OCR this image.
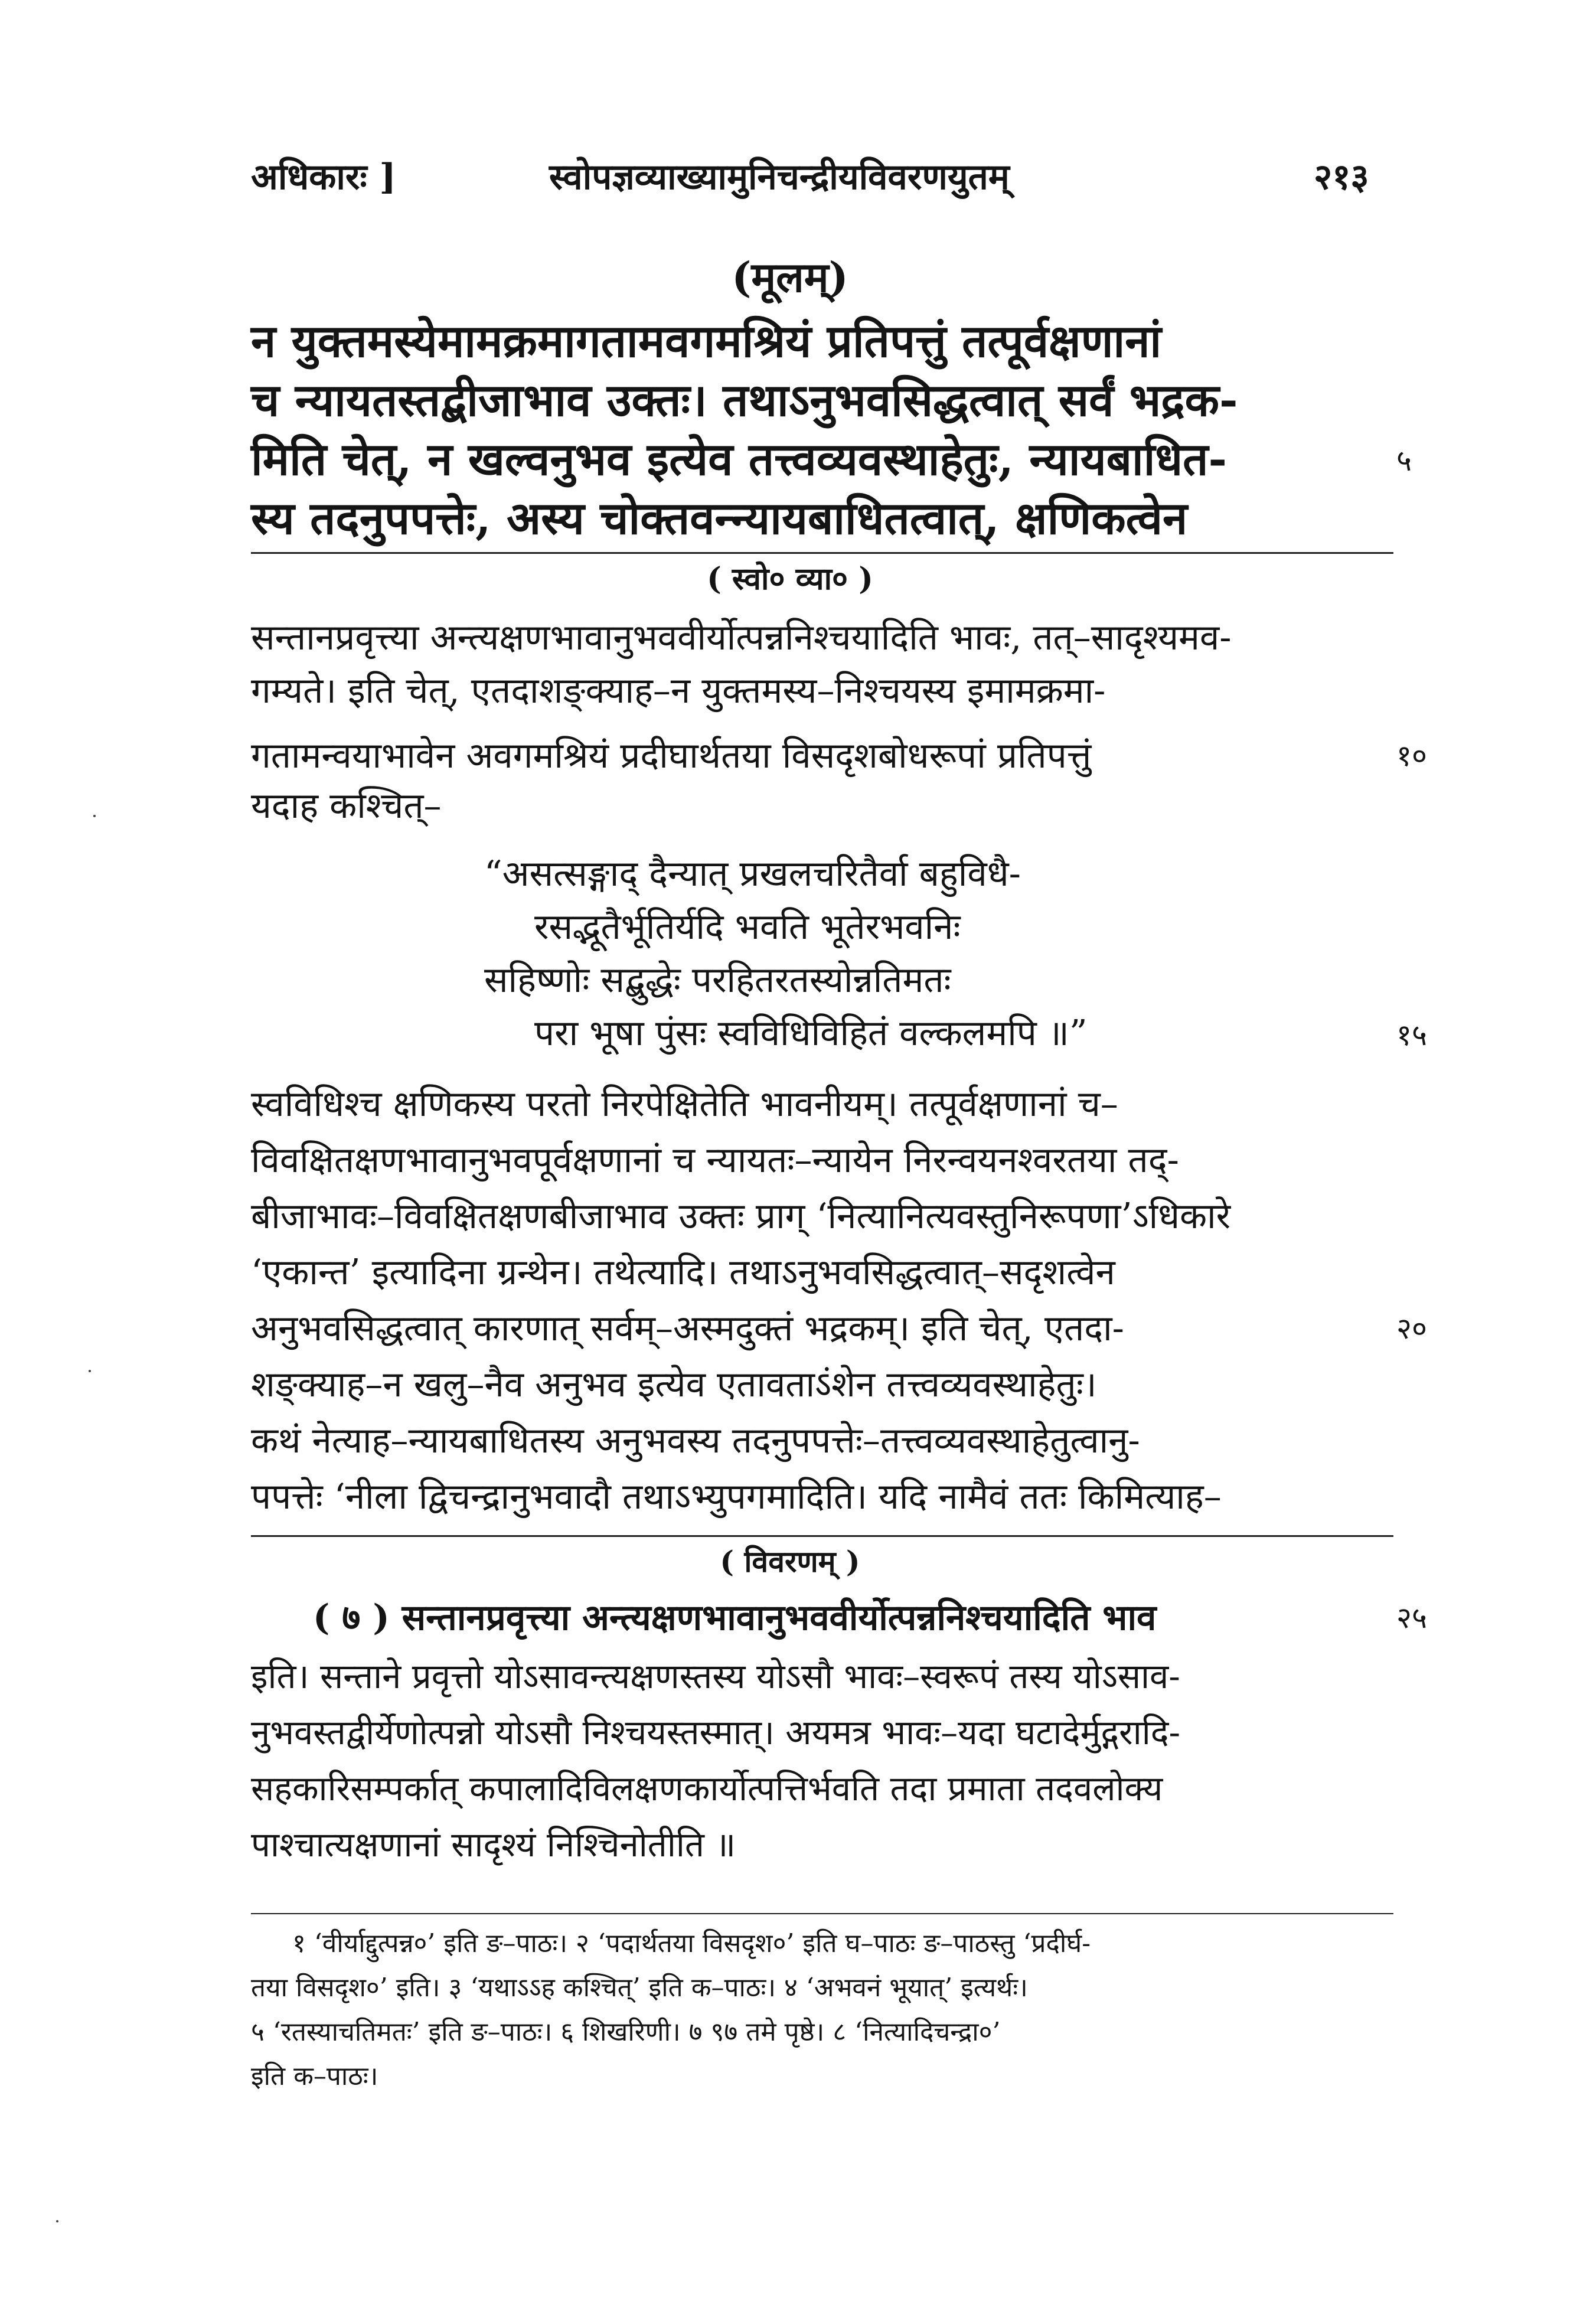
अधिकारः ]	स्वोपज्ञव्याख्यामुनिचन्द्रीयविवरणयुतम्	२१३
(मूलम्)
न युक्तमस्येमामक्रमागतामवगमश्रियं प्रतिपत्तुं तत्पूर्वक्षणानां
च न्यायतस्तद्बीजाभाव उक्तः। तथाऽनुभवसिद्धत्वात् सर्वं भद्रक-
मिति चेत्, न खल्वनुभव इत्येव तत्त्वव्यवस्थाहेतुः, न्यायबाधित-
स्य तदनुपपत्तेः, अस्य चोक्तवन्न्यायबाधितत्वात्, क्षणिकत्वेन
५
( स्वो० व्या० )
सन्तानप्रवृत्त्या अन्त्यक्षणभावानुभववीर्योत्पन्ननिश्चयादिति भावः, तत्–सादृश्यमव-
गम्यते। इति चेत्, एतदाशङ्क्याह–न युक्तमस्य–निश्चयस्य इमामक्रमा-
गतामन्वयाभावेन अवगमश्रियं प्रदीघार्थतया विसदृशबोधरूपां प्रतिपत्तुं	१०
यदाह कश्चित्–
“असत्सङ्गाद् दैन्यात् प्रखलचरितैर्वा बहुविधै-
रसद्भूतैर्भूतिर्यदि भवति भूतेरभवनिः
सहिष्णोः सद्बुद्धेः परहितरतस्योन्नतिमतः
परा भूषा पुंसः स्वविधिविहितं वल्कलमपि ॥”	१५
स्वविधिश्च क्षणिकस्य परतो निरपेक्षितेति भावनीयम्। तत्पूर्वक्षणानां च–
विवक्षितक्षणभावानुभवपूर्वक्षणानां च न्यायतः–न्यायेन निरन्वयनश्वरतया तद्-
बीजाभावः–विवक्षितक्षणबीजाभाव उक्तः प्राग् ‘नित्यानित्यवस्तुनिरूपणा’ऽधिकारे
‘एकान्त’ इत्यादिना ग्रन्थेन। तथेत्यादि। तथाऽनुभवसिद्धत्वात्–सदृशत्वेन
अनुभवसिद्धत्वात् कारणात् सर्वम्–अस्मदुक्तं भद्रकम्। इति चेत्, एतदा-	२०
शङ्क्याह–न खलु–नैव अनुभव इत्येव एतावताऽंशेन तत्त्वव्यवस्थाहेतुः।
कथं नेत्याह–न्यायबाधितस्य अनुभवस्य तदनुपपत्तेः–तत्त्वव्यवस्थाहेतुत्वानु-
पपत्तेः ‘नीला द्विचन्द्रानुभवादौ तथाऽभ्युपगमादिति। यदि नामैवं ततः किमित्याह–
( विवरणम् )
( ७ ) सन्तानप्रवृत्त्या अन्त्यक्षणभावानुभववीर्योत्पन्ननिश्चयादिति भाव	२५
इति। सन्ताने प्रवृत्तो योऽसावन्त्यक्षणस्तस्य योऽसौ भावः–स्वरूपं तस्य योऽसाव-
नुभवस्तद्वीर्येणोत्पन्नो योऽसौ निश्चयस्तस्मात्। अयमत्र भावः–यदा घटादेर्मुद्गरादि-
सहकारिसम्पर्कात् कपालादिविलक्षणकार्योत्पत्तिर्भवति तदा प्रमाता तदवलोक्य
पाश्चात्यक्षणानां सादृश्यं निश्चिनोतीति ॥
१ ‘वीर्याद्दुत्पन्न०’ इति ङ–पाठः। २ ‘पदार्थतया विसदृश०’ इति घ–पाठः ङ–पाठस्तु ‘प्रदीर्घ-
तया विसदृश०’ इति। ३ ‘यथाऽऽह कश्चित्’ इति क–पाठः। ४ ‘अभवनं भूयात्’ इत्यर्थः।
५ ‘रतस्याचतिमतः’ इति ङ–पाठः। ६ शिखरिणी। ७ ९७ तमे पृष्ठे। ८ ‘नित्यादिचन्द्रा०’
इति क–पाठः।
